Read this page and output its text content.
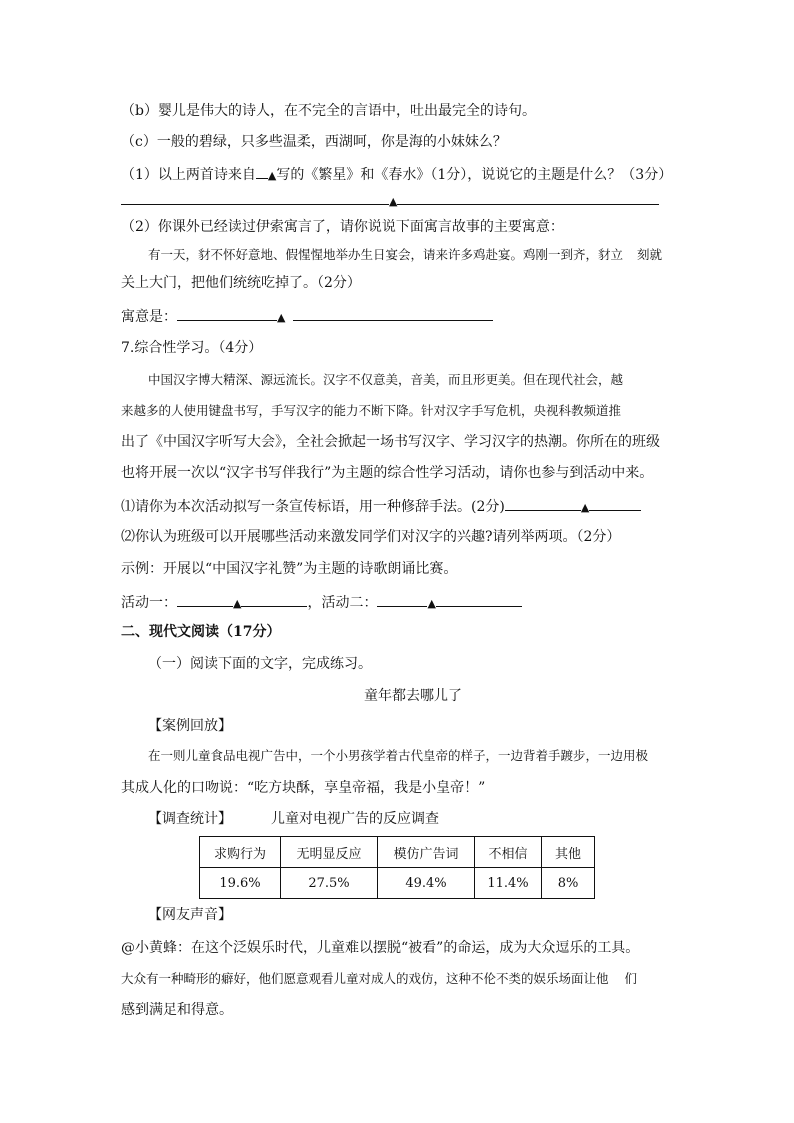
（b）婴儿是伟大的诗人，在不完全的言语中，吐出最完全的诗句。
（c）一般的碧绿，只多些温柔，西湖呵，你是海的小妹妹么？
（1）以上两首诗来自 ▲写的《繁星》和《春水》（1分），说说它的主题是什么？（3分）
▲
（2）你课外已经读过伊索寓言了，请你说说下面寓言故事的主要寓意：
有一天，豺不怀好意地、假惺惺地举办生日宴会，请来许多鸡赴宴。鸡刚一到齐，豺立 刻就
关上大门，把他们统统吃掉了。（2分）
寓意是：	▲
7.综合性学习。（4分）
中国汉字博大精深、源远流长。汉字不仅意美，音美，而且形更美。但在现代社会，越
来越多的人使用键盘书写，手写汉字的能力不断下降。针对汉字手写危机，央视科教频道推
出了《中国汉字听写大会》，全社会掀起一场书写汉字、学习汉字的热潮。你所在的班级
也将开展一次以“汉字书写伴我行”为主题的综合性学习活动，请你也参与到活动中来。
⑴请你为本次活动拟写一条宣传标语，用一种修辞手法。(2分)	▲
⑵你认为班级可以开展哪些活动来激发同学们对汉字的兴趣?请列举两项。（2分）
示例：开展以“中国汉字礼赞”为主题的诗歌朗诵比赛。
活动一：	▲	，活动二：	▲
二、现代文阅读（17分）
（一）阅读下面的文字，完成练习。
童年都去哪儿了
【案例回放】
在一则儿童食品电视广告中，一个小男孩学着古代皇帝的样子，一边背着手踱步，一边用极
其成人化的口吻说：“吃方块酥，享皇帝福，我是小皇帝！”
【调查统计】	儿童对电视广告的反应调查
求购行为	无明显反应	模仿广告词	不相信	其他
19.6%	27.5%	49.4%	11.4%	8%
【网友声音】
@小黄蜂：在这个泛娱乐时代，儿童难以摆脱“被看”的命运，成为大众逗乐的工具。
大众有一种畸形的癖好，他们愿意观看儿童对成人的戏仿，这种不伦不类的娱乐场面让他 们
感到满足和得意。
